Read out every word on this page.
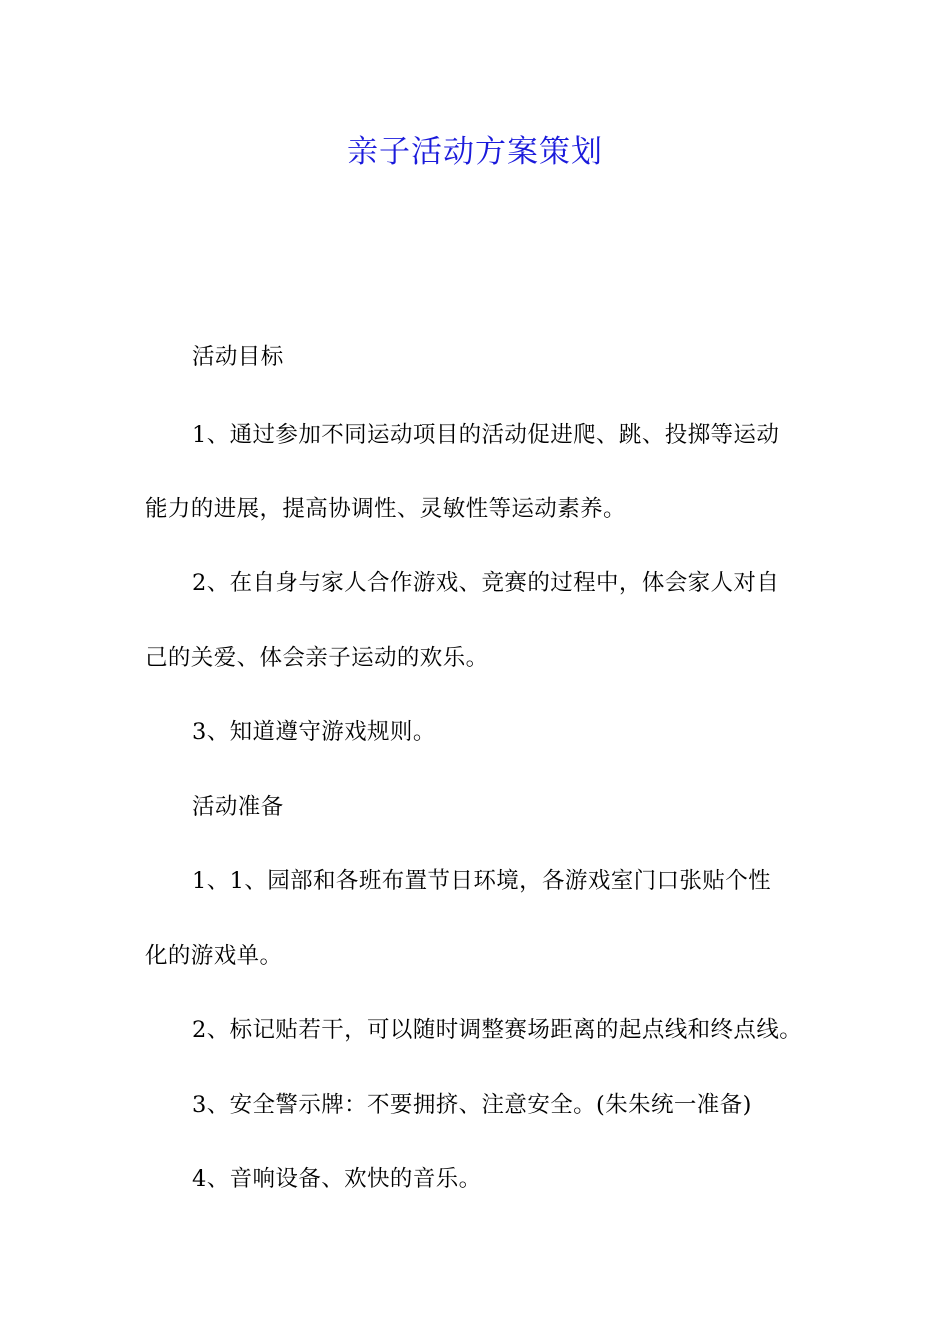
亲子活动方案策划
活动目标
1、通过参加不同运动项目的活动促进爬、跳、投掷等运动
能力的进展，提高协调性、灵敏性等运动素养。
2、在自身与家人合作游戏、竞赛的过程中，体会家人对自
己的关爱、体会亲子运动的欢乐。
3、知道遵守游戏规则。
活动准备
1、1、园部和各班布置节日环境，各游戏室门口张贴个性
化的游戏单。
2、标记贴若干，可以随时调整赛场距离的起点线和终点线。
3、安全警示牌：不要拥挤、注意安全。(朱朱统一准备)
4、音响设备、欢快的音乐。
